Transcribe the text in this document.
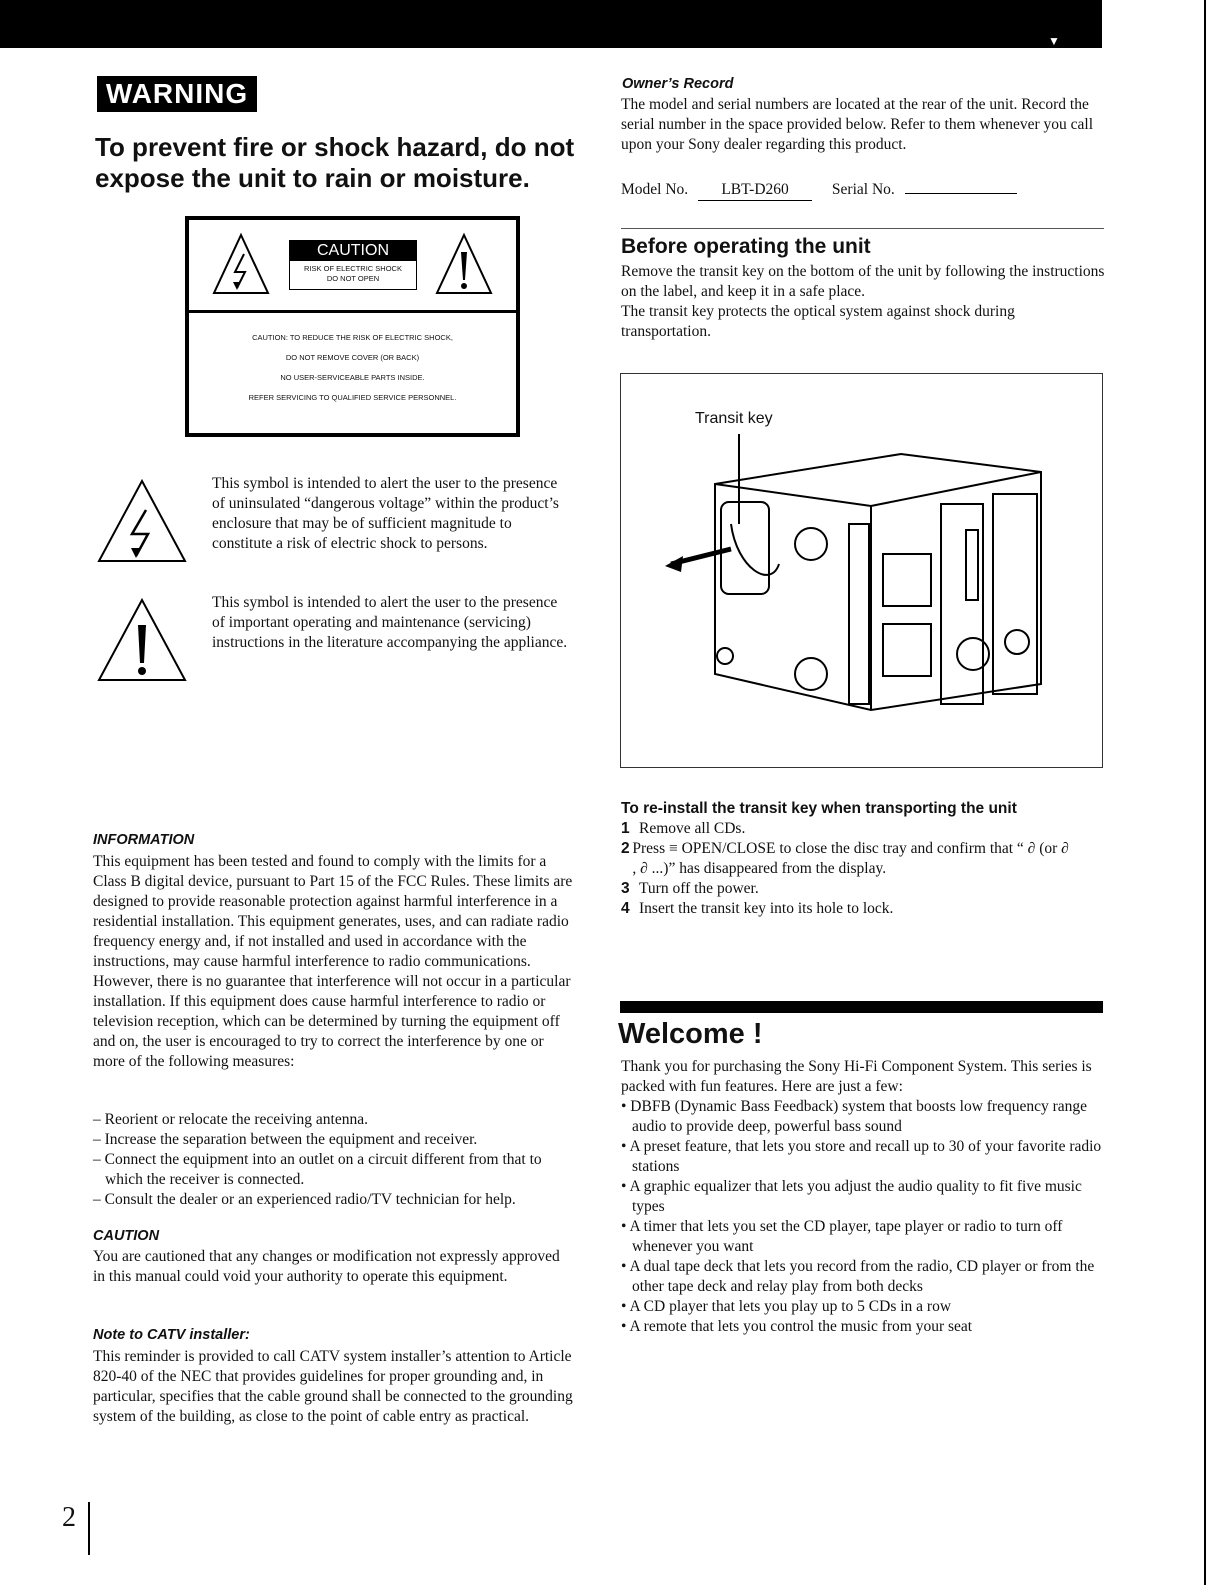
▼
WARNING
To prevent fire or shock hazard, do not expose the unit to rain or moisture.
CAUTION
RISK OF ELECTRIC SHOCK
DO NOT OPEN
CAUTION: TO REDUCE THE RISK OF ELECTRIC SHOCK,
DO NOT REMOVE COVER (OR BACK)
NO USER-SERVICEABLE PARTS INSIDE.
REFER SERVICING TO QUALIFIED SERVICE PERSONNEL.
This symbol is intended to alert the user to the presence of uninsulated “dangerous voltage” within the product’s enclosure that may be of sufficient magnitude to constitute a risk of electric shock to persons.
This symbol is intended to alert the user to the presence of important operating and maintenance (servicing) instructions in the literature accompanying the appliance.
INFORMATION
This equipment has been tested and found to comply with the limits for a Class B digital device, pursuant to Part 15 of the FCC Rules. These limits are designed to provide reasonable protection against harmful interference in a residential installation. This equipment generates, uses, and can radiate radio frequency energy and, if not installed and used in accordance with the instructions, may cause harmful interference to radio communications. However, there is no guarantee that interference will not occur in a particular installation. If this equipment does cause harmful interference to radio or television reception, which can be determined by turning the equipment off and on, the user is encouraged to try to correct the interference by one or more of the following measures:
– Reorient or relocate the receiving antenna.
– Increase the separation between the equipment and receiver.
– Connect the equipment into an outlet on a circuit different from that to which the receiver is connected.
– Consult the dealer or an experienced radio/TV technician for help.
CAUTION
You are cautioned that any changes or modification not expressly approved in this manual could void your authority to operate this equipment.
Note to CATV installer:
This reminder is provided to call CATV system installer’s attention to Article 820-40 of the NEC that provides guidelines for proper grounding and, in particular, specifies that the cable ground shall be connected to the grounding system of the building, as close to the point of cable entry as practical.
Owner’s Record
The model and serial numbers are located at the rear of the unit. Record the serial number in the space provided below. Refer to them whenever you call upon your Sony dealer regarding this product.
Model No. LBT-D260	Serial No.
Before operating the unit
Remove the transit key on the bottom of the unit by following the instructions on the label, and keep it in a safe place.
The transit key protects the optical system against shock during transportation.
Transit key
To re-install the transit key when transporting the unit
1 Remove all CDs.
2 Press ≡ OPEN/CLOSE to close the disc tray and confirm that “ ∂ (or ∂ , ∂ ...)” has disappeared from the display.
3 Turn off the power.
4 Insert the transit key into its hole to lock.
Welcome !
Thank you for purchasing the Sony Hi-Fi Component System. This series is packed with fun features. Here are just a few:
• DBFB (Dynamic Bass Feedback) system that boosts low frequency range audio to provide deep, powerful bass sound
• A preset feature, that lets you store and recall up to 30 of your favorite radio stations
• A graphic equalizer that lets you adjust the audio quality to fit five music types
• A timer that lets you set the CD player, tape player or radio to turn off whenever you want
• A dual tape deck that lets you record from the radio, CD player or from the other tape deck and relay play from both decks
• A CD player that lets you play up to 5 CDs in a row
• A remote that lets you control the music from your seat
2
